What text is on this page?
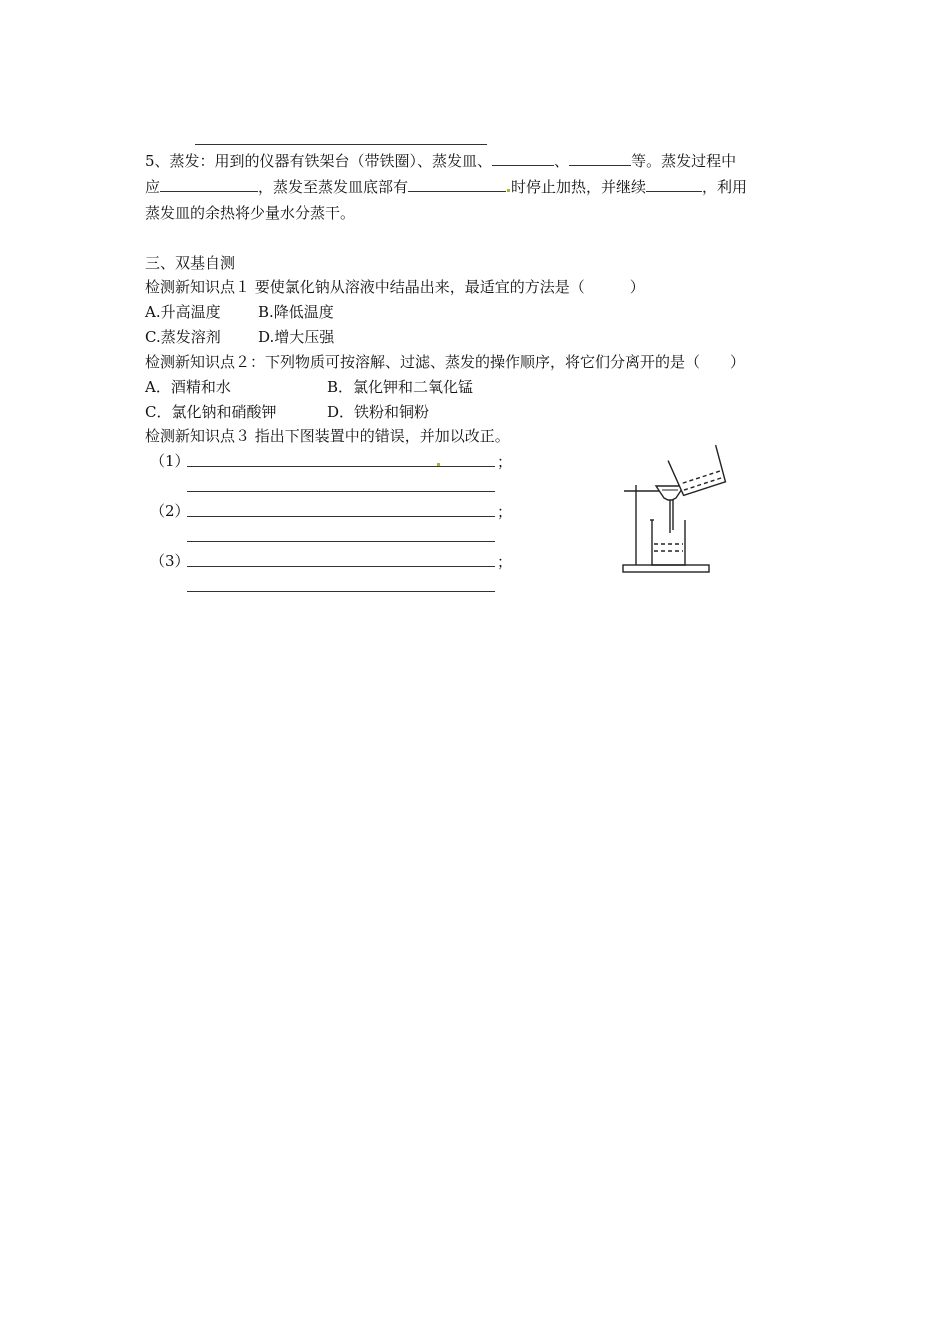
5、蒸发：用到的仪器有铁架台（带铁圈）、蒸发皿、	、	等。蒸发过程中
应	，蒸发至蒸发皿底部有	时停止加热，并继续	，利用
蒸发皿的余热将少量水分蒸干。
三、双基自测
检测新知识点１ 要使氯化钠从溶液中结晶出来，最适宜的方法是（　　　）
A.升高温度 B.降低温度
C.蒸发溶剂 D.增大压强
检测新知识点２：下列物质可按溶解、过滤、蒸发的操作顺序，将它们分离开的是（　　）
A．酒精和水	B．氯化钾和二氧化锰
C．氯化钠和硝酸钾	D．铁粉和铜粉
检测新知识点３ 指出下图装置中的错误，并加以改正。
（1）	；
（2）	；
（3）	；
